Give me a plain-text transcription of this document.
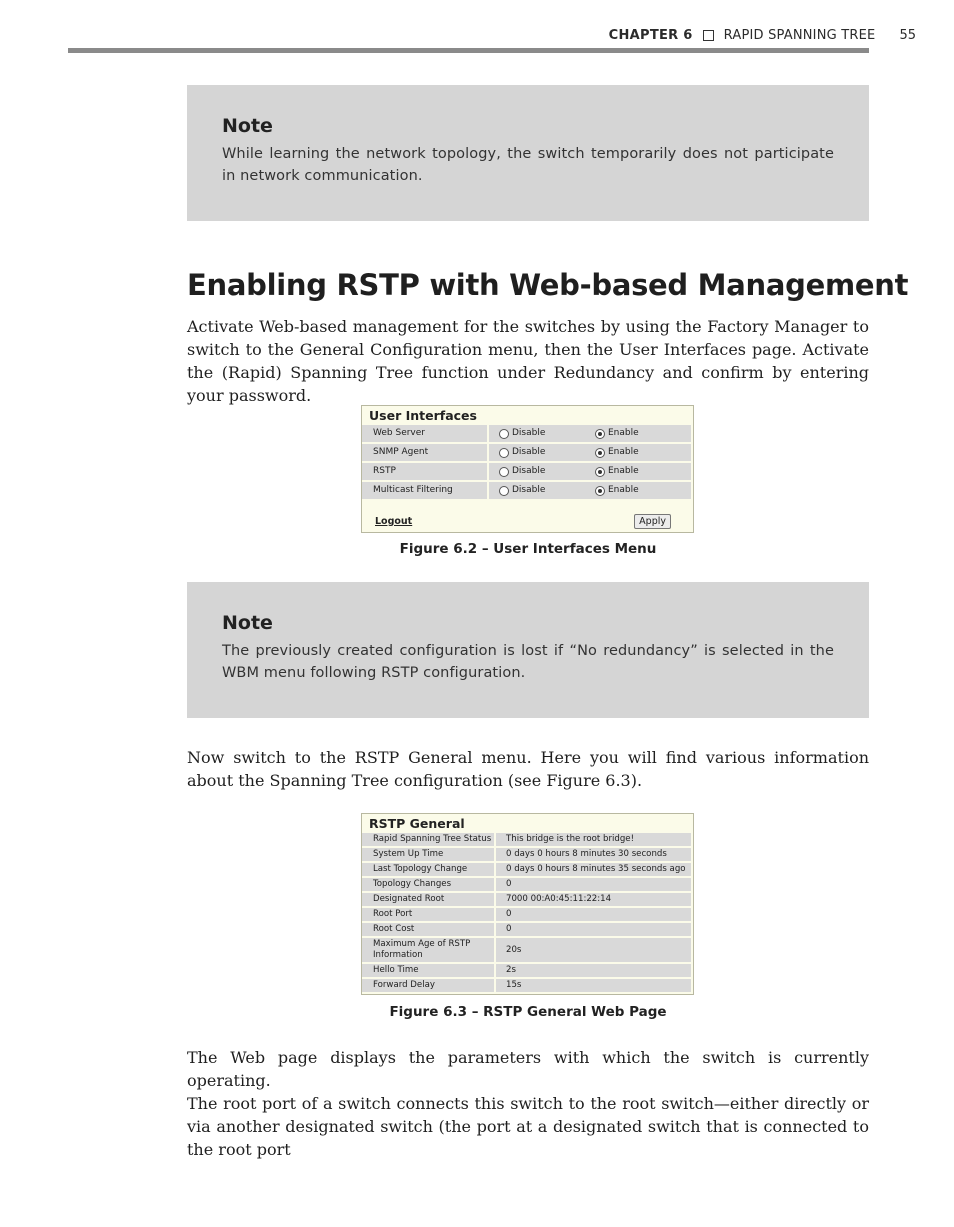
CHAPTER 6 RAPID SPANNING TREE 55
Note

While learning the network topology, the switch temporarily does not participate in network communication.

Enabling RSTP with Web-based Management

Activate Web-based management for the switches by using the Factory Manager to switch to the General Configuration menu, then the User Interfaces page. Activate the (Rapid) Spanning Tree function under Redundancy and confirm by entering your password.

User Interfaces
Web Server	Disable	Enable
SNMP Agent	Disable	Enable
RSTP	Disable	Enable
Multicast Filtering	Disable	Enable
Logout	Apply
Figure 6.2 – User Interfaces Menu
Note

The previously created configuration is lost if “No redundancy” is selected in the WBM menu following RSTP configuration.

Now switch to the RSTP General menu. Here you will find various information about the Spanning Tree configuration (see Figure 6.3).

RSTP General
Rapid Spanning Tree Status	This bridge is the root bridge!
System Up Time	0 days 0 hours 8 minutes 30 seconds
Last Topology Change	0 days 0 hours 8 minutes 35 seconds ago
Topology Changes	0
Designated Root	7000 00:A0:45:11:22:14
Root Port	0
Root Cost	0
Maximum Age of RSTP Information	20s
Hello Time	2s
Forward Delay	15s
Figure 6.3 – RSTP General Web Page

The Web page displays the parameters with which the switch is currently operating.

The root port of a switch connects this switch to the root switch—either directly or via another designated switch (the port at a designated switch that is connected to the root port
